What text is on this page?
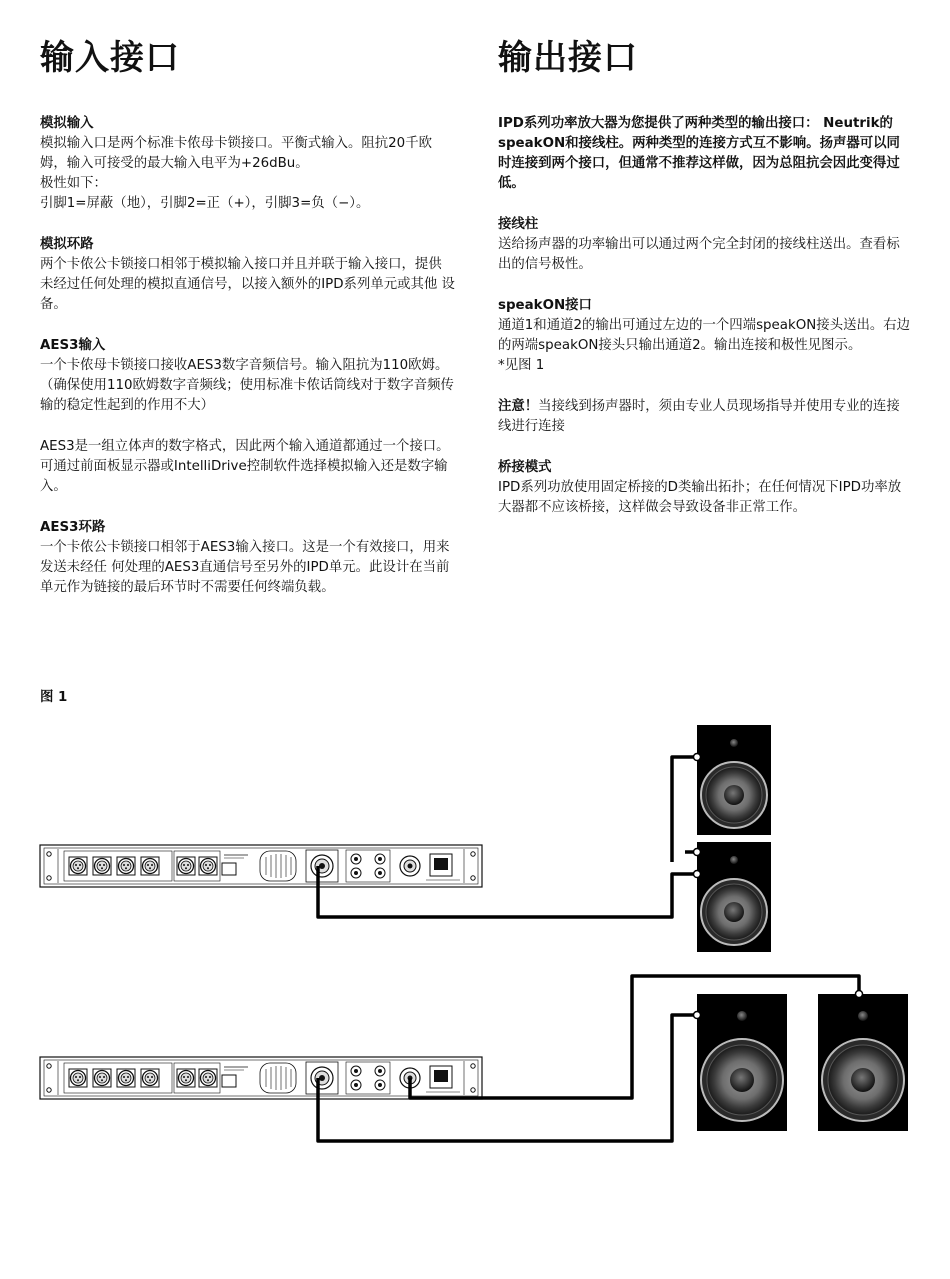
输入接口

模拟输入

模拟输入口是两个标准卡侬母卡锁接口。平衡式输入。阻抗20千欧姆，输入可接受的最大输入电平为+26dBu。

极性如下：

引脚1=屏蔽（地），引脚2=正（+），引脚3=负（−）。

模拟环路

两个卡侬公卡锁接口相邻于模拟输入接口并且并联于输入接口，提供 未经过任何处理的模拟直通信号，以接入额外的IPD系列单元或其他 设备。

AES3输入

一个卡侬母卡锁接口接收AES3数字音频信号。输入阻抗为110欧姆。（确保使用110欧姆数字音频线；使用标准卡侬话筒线对于数字音频传输的稳定性起到的作用不大）

AES3是一组立体声的数字格式，因此两个输入通道都通过一个接口。 可通过前面板显示器或IntelliDrive控制软件选择模拟输入还是数字输入。

AES3环路

一个卡侬公卡锁接口相邻于AES3输入接口。这是一个有效接口，用来发送未经任 何处理的AES3直通信号至另外的IPD单元。此设计在当前单元作为链接的最后环节时不需要任何终端负载。

输出接口

IPD系列功率放大器为您提供了两种类型的输出接口： Neutrik的speakON和接线柱。两种类型的连接方式互不影响。扬声器可以同时连接到两个接口，但通常不推荐这样做，因为总阻抗会因此变得过低。

接线柱

送给扬声器的功率输出可以通过两个完全封闭的接线柱送出。查看标出的信号极性。

speakON接口

通道1和通道2的输出可通过左边的一个四端speakON接头送出。右边的两端speakON接头只输出通道2。输出连接和极性见图示。

*见图 1

注意！当接线到扬声器时，须由专业人员现场指导并使用专业的连接线进行连接

桥接模式

IPD系列功放使用固定桥接的D类输出拓扑；在任何情况下IPD功率放大器都不应该桥接，这样做会导致设备非正常工作。

图 1
